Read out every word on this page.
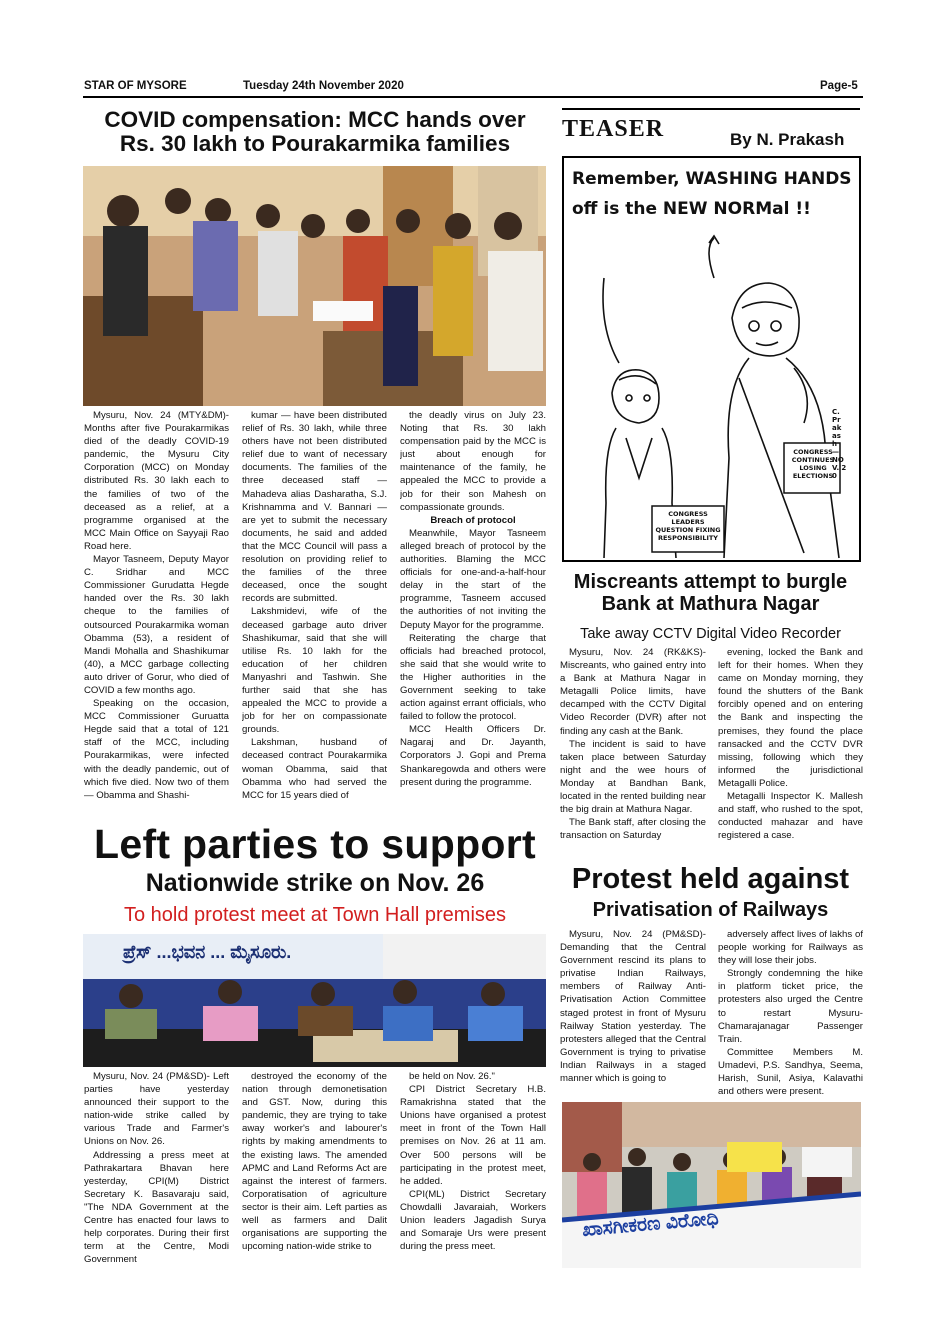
STAR OF MYSORE	Tuesday 24th November 2020	Page-5
COVID compensation: MCC hands over
Rs. 30 lakh to Pourakarmika families

Mysuru, Nov. 24 (MTY&DM)- Months after five Pourakarmikas died of the deadly COVID-19 pandemic, the Mysuru City Corporation (MCC) on Monday distributed Rs. 30 lakh each to the families of two of the deceased as a relief, at a programme organised at the MCC Main Office on Sayyaji Rao Road here.

Mayor Tasneem, Deputy Mayor C. Sridhar and MCC Commissioner Gurudatta Hegde handed over the Rs. 30 lakh cheque to the families of outsourced Pourakarmika woman Obamma (53), a resident of Mandi Mohalla and Shashikumar (40), a MCC garbage collecting auto driver of Gorur, who died of COVID a few months ago.

Speaking on the occasion, MCC Commissioner Guruatta Hegde said that a total of 121 staff of the MCC, including Pourakarmikas, were infected with the deadly pandemic, out of which five died. Now two of them — Obamma and Shashi-

kumar — have been distributed relief of Rs. 30 lakh, while three others have not been distributed relief due to want of necessary documents. The families of the three deceased staff — Mahadeva alias Dasharatha, S.J. Krishnamma and V. Bannari — are yet to submit the necessary documents, he said and added that the MCC Council will pass a resolution on providing relief to the families of the three deceased, once the sought records are submitted.

Lakshmidevi, wife of the deceased garbage auto driver Shashikumar, said that she will utilise Rs. 10 lakh for the education of her children Manyashri and Tashwin. She further said that she has appealed the MCC to provide a job for her on compassionate grounds.

Lakshman, husband of deceased contract Pourakarmika woman Obamma, said that Obamma who had served the MCC for 15 years died of

the deadly virus on July 23. Noting that Rs. 30 lakh compensation paid by the MCC is just about enough for maintenance of the family, he appealed the MCC to provide a job for their son Mahesh on compassionate grounds.

Breach of protocol

Meanwhile, Mayor Tasneem alleged breach of protocol by the authorities. Blaming the MCC officials for one-and-a-half-hour delay in the start of the programme, Tasneem accused the authorities of not inviting the Deputy Mayor for the programme.

Reiterating the charge that officials had breached protocol, she said that she would write to the Higher authorities in the Government seeking to take action against errant officials, who failed to follow the protocol.

MCC Health Officers Dr. Nagaraj and Dr. Jayanth, Corporators J. Gopi and Prema Shankaregowda and others were present during the programme.

TEASER	By N. Prakash
Remember, WASHING HANDS off is the NEW NORMal !!
CONGRESS CONTINUES LOSING ELECTIONS
CONGRESS LEADERS QUESTION FIXING RESPONSIBILITY
C.Prakash — NOV.'20
Miscreants attempt to burgle
Bank at Mathura Nagar
Take away CCTV Digital Video Recorder

Mysuru, Nov. 24 (RK&KS)- Miscreants, who gained entry into a Bank at Mathura Nagar in Metagalli Police limits, have decamped with the CCTV Digital Video Recorder (DVR) after not finding any cash at the Bank.

The incident is said to have taken place between Saturday night and the wee hours of Monday at Bandhan Bank, located in the rented building near the big drain at Mathura Nagar.

The Bank staff, after closing the transaction on Saturday

evening, locked the Bank and left for their homes. When they came on Monday morning, they found the shutters of the Bank forcibly opened and on entering the Bank and inspecting the premises, they found the place ransacked and the CCTV DVR missing, following which they informed the jurisdictional Metagalli Police.

Metagalli Inspector K. Mallesh and staff, who rushed to the spot, conducted mahazar and have registered a case.

Left parties to support
Nationwide strike on Nov. 26
To hold protest meet at Town Hall premises
ಪ್ರೆಸ್ ...ಭವನ ... ಮೈಸೂರು.

Mysuru, Nov. 24 (PM&SD)- Left parties have yesterday announced their support to the nation-wide strike called by various Trade and Farmer's Unions on Nov. 26.

Addressing a press meet at Pathrakartara Bhavan here yesterday, CPI(M) District Secretary K. Basavaraju said, "The NDA Government at the Centre has enacted four laws to help corporates. During their first term at the Centre, Modi Government

destroyed the economy of the nation through demonetisation and GST. Now, during this pandemic, they are trying to take away worker's and labourer's rights by making amendments to the existing laws. The amended APMC and Land Reforms Act are against the interest of farmers. Corporatisation of agriculture sector is their aim. Left parties as well as farmers and Dalit organisations are supporting the upcoming nation-wide strike to

be held on Nov. 26."

CPI District Secretary H.B. Ramakrishna stated that the Unions have organised a protest meet in front of the Town Hall premises on Nov. 26 at 11 am. Over 500 persons will be participating in the protest meet, he added.

CPI(ML) District Secretary Chowdalli Javaraiah, Workers Union leaders Jagadish Surya and Somaraje Urs were present during the press meet.

Protest held against
Privatisation of Railways

Mysuru, Nov. 24 (PM&SD)- Demanding that the Central Government rescind its plans to privatise Indian Railways, members of Railway Anti-Privatisation Action Committee staged protest in front of Mysuru Railway Station yesterday. The protesters alleged that the Central Government is trying to privatise Indian Railways in a staged manner which is going to

adversely affect lives of lakhs of people working for Railways as they will lose their jobs.

Strongly condemning the hike in platform ticket price, the protesters also urged the Centre to restart Mysuru-Chamarajanagar Passenger Train.

Committee Members M. Umadevi, P.S. Sandhya, Seema, Harish, Sunil, Asiya, Kalavathi and others were present.

ಖಾಸಗೀಕರಣ ವಿರೋಧಿ
